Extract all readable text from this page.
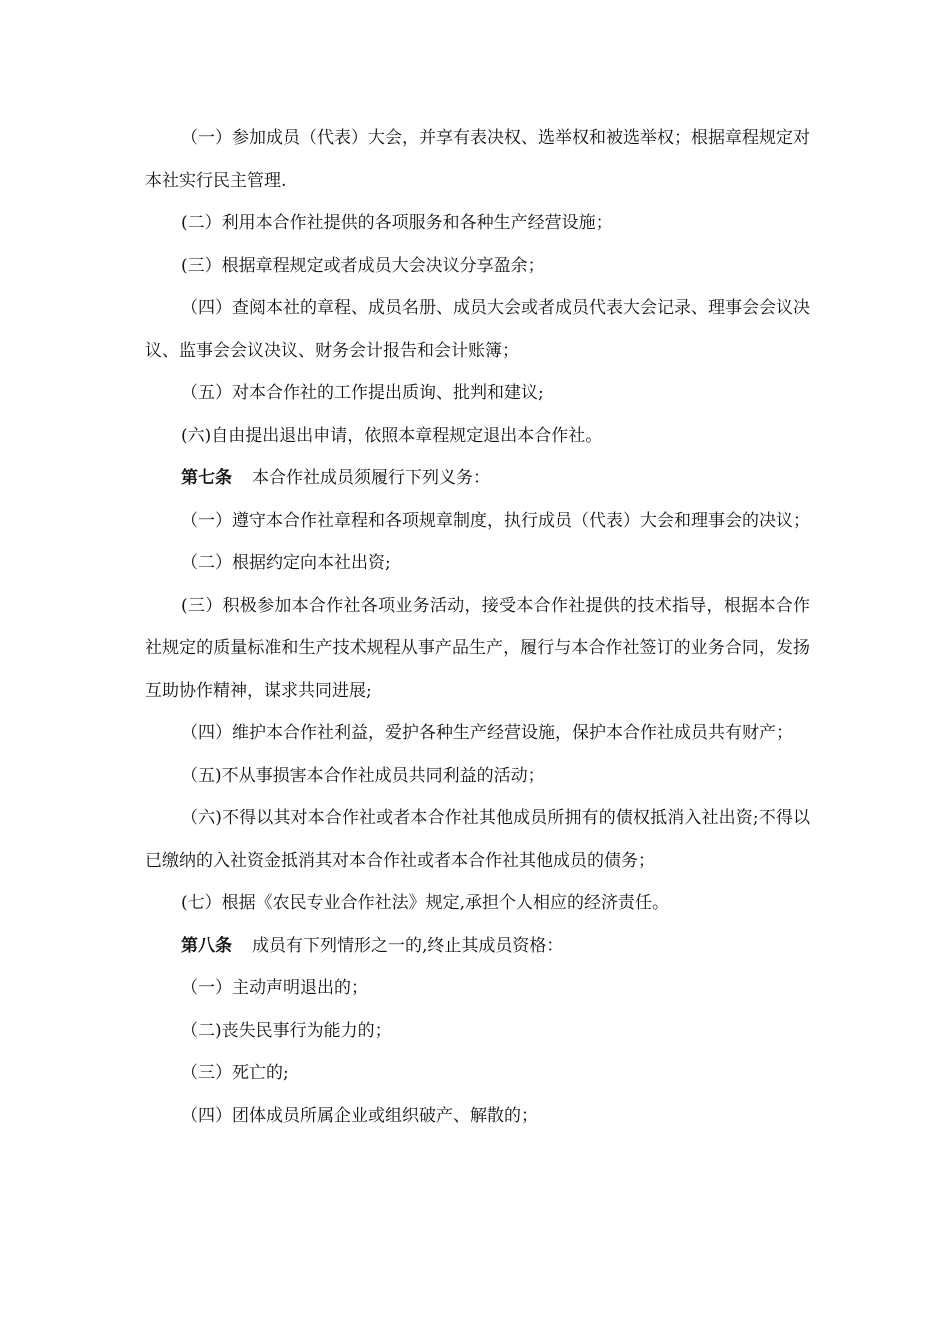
（一）参加成员（代表）大会，并享有表决权、选举权和被选举权；根据章程规定对本社实行民主管理.

(二）利用本合作社提供的各项服务和各种生产经营设施；

(三）根据章程规定或者成员大会决议分享盈余；

（四）查阅本社的章程、成员名册、成员大会或者成员代表大会记录、理事会会议决议、监事会会议决议、财务会计报告和会计账簿；

（五）对本合作社的工作提出质询、批判和建议;

(六)自由提出退出申请，依照本章程规定退出本合作社。

第七条 本合作社成员须履行下列义务：

（一）遵守本合作社章程和各项规章制度，执行成员（代表）大会和理事会的决议；

（二）根据约定向本社出资;

(三）积极参加本合作社各项业务活动，接受本合作社提供的技术指导，根据本合作社规定的质量标准和生产技术规程从事产品生产，履行与本合作社签订的业务合同，发扬互助协作精神，谋求共同进展;

（四）维护本合作社利益，爱护各种生产经营设施，保护本合作社成员共有财产；

（五)不从事损害本合作社成员共同利益的活动；

（六)不得以其对本合作社或者本合作社其他成员所拥有的债权抵消入社出资;不得以已缴纳的入社资金抵消其对本合作社或者本合作社其他成员的债务；

(七）根据《农民专业合作社法》规定,承担个人相应的经济责任。

第八条 成员有下列情形之一的,终止其成员资格：

（一）主动声明退出的；

（二)丧失民事行为能力的；

（三）死亡的;

（四）团体成员所属企业或组织破产、解散的；
